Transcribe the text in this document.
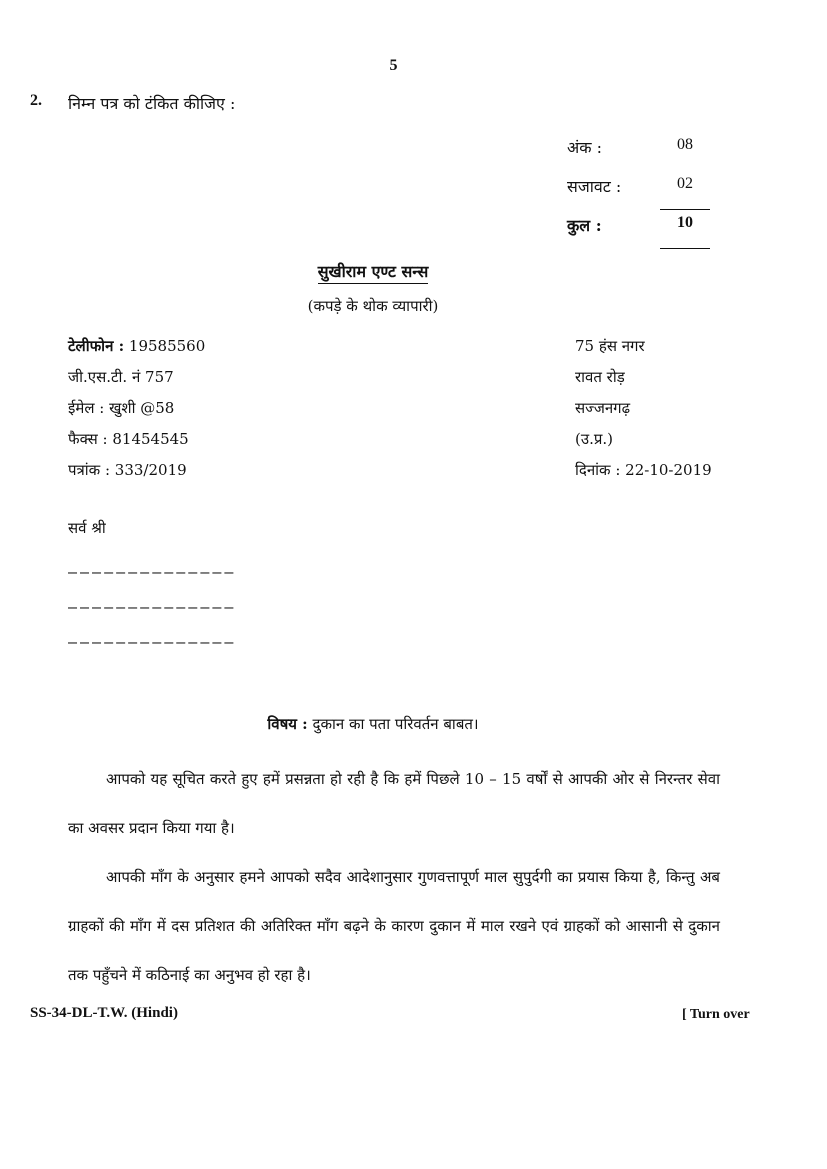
5
2. निम्न पत्र को टंकित कीजिए :
अंक :	08
सजावट :	02
कुल :	10
सुखीराम एण्ट सन्स
(कपड़े के थोक व्यापारी)
टेलीफोन : 19585560
जी.एस.टी. नं 757
ईमेल : खुशी @58
फैक्स : 81454545
पत्रांक : 333/2019
75 हंस नगर
रावत रोड़
सज्जनगढ़
(उ.प्र.)
दिनांक : 22-10-2019
सर्व श्री
––––––––––––––
––––––––––––––
––––––––––––––
विषय : दुकान का पता परिवर्तन बाबत।
आपको यह सूचित करते हुए हमें प्रसन्नता हो रही है कि हमें पिछले 10 – 15 वर्षों से आपकी ओर से निरन्तर सेवा का अवसर प्रदान किया गया है।
आपकी माँग के अनुसार हमने आपको सदैव आदेशानुसार गुणवत्तापूर्ण माल सुपुर्दगी का प्रयास किया है, किन्तु अब ग्राहकों की माँग में दस प्रतिशत की अतिरिक्त माँग बढ़ने के कारण दुकान में माल रखने एवं ग्राहकों को आसानी से दुकान तक पहुँचने में कठिनाई का अनुभव हो रहा है।
SS-34-DL-T.W. (Hindi)	[ Turn over
